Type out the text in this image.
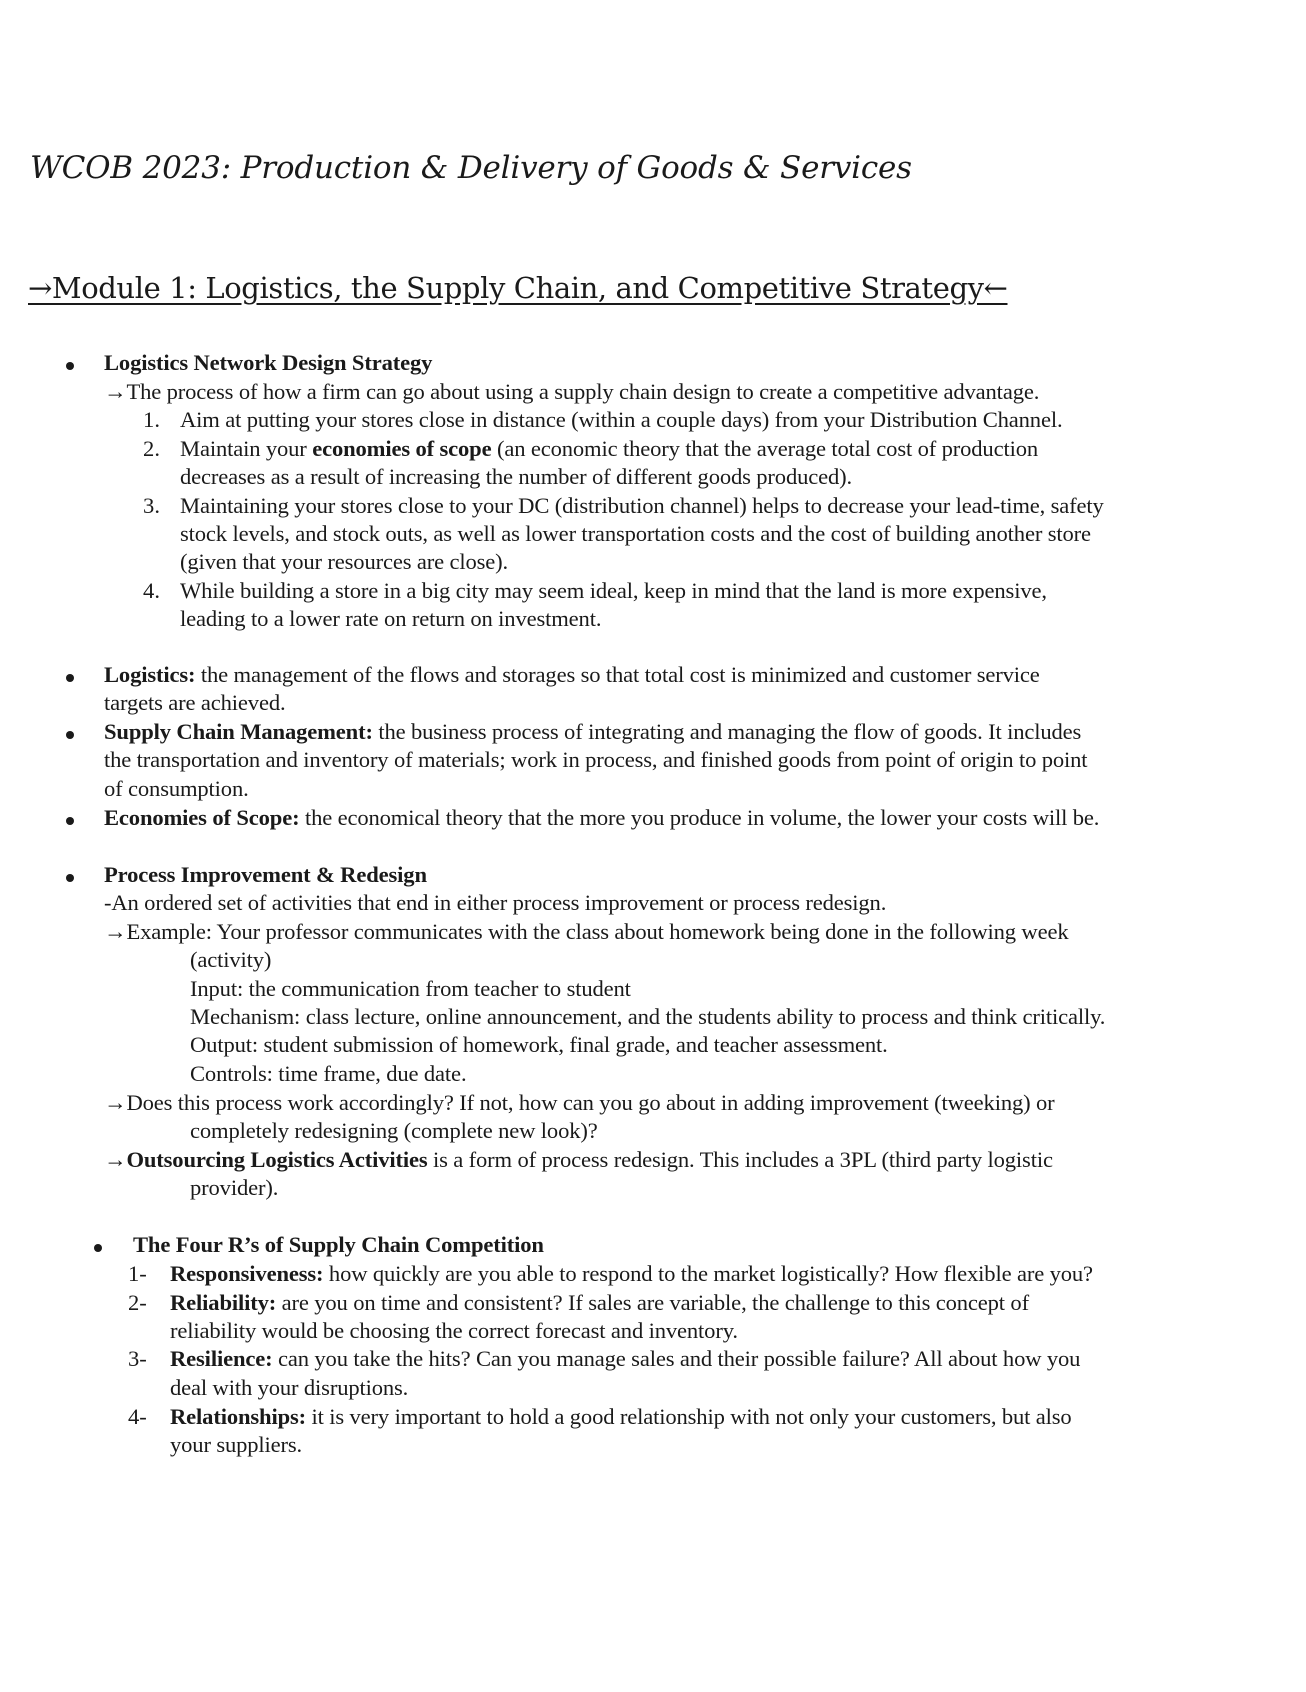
WCOB 2023: Production & Delivery of Goods & Services
→Module 1: Logistics, the Supply Chain, and Competitive Strategy←
Logistics Network Design Strategy
→The process of how a firm can go about using a supply chain design to create a competitive advantage.
1. Aim at putting your stores close in distance (within a couple days) from your Distribution Channel.
2. Maintain your economies of scope (an economic theory that the average total cost of production
decreases as a result of increasing the number of different goods produced).
3. Maintaining your stores close to your DC (distribution channel) helps to decrease your lead-time, safety
stock levels, and stock outs, as well as lower transportation costs and the cost of building another store
(given that your resources are close).
4. While building a store in a big city may seem ideal, keep in mind that the land is more expensive,
leading to a lower rate on return on investment.
Logistics: the management of the flows and storages so that total cost is minimized and customer service
targets are achieved.
Supply Chain Management: the business process of integrating and managing the flow of goods. It includes
the transportation and inventory of materials; work in process, and finished goods from point of origin to point
of consumption.
Economies of Scope: the economical theory that the more you produce in volume, the lower your costs will be.
Process Improvement & Redesign
-An ordered set of activities that end in either process improvement or process redesign.
→Example: Your professor communicates with the class about homework being done in the following week
(activity)
Input: the communication from teacher to student
Mechanism: class lecture, online announcement, and the students ability to process and think critically.
Output: student submission of homework, final grade, and teacher assessment.
Controls: time frame, due date.
→Does this process work accordingly? If not, how can you go about in adding improvement (tweeking) or
completely redesigning (complete new look)?
→Outsourcing Logistics Activities is a form of process redesign. This includes a 3PL (third party logistic
provider).
The Four R’s of Supply Chain Competition
1-	Responsiveness: how quickly are you able to respond to the market logistically? How flexible are you?
2-	Reliability: are you on time and consistent? If sales are variable, the challenge to this concept of
reliability would be choosing the correct forecast and inventory.
3-	Resilience: can you take the hits? Can you manage sales and their possible failure? All about how you
deal with your disruptions.
4-	Relationships: it is very important to hold a good relationship with not only your customers, but also
your suppliers.
